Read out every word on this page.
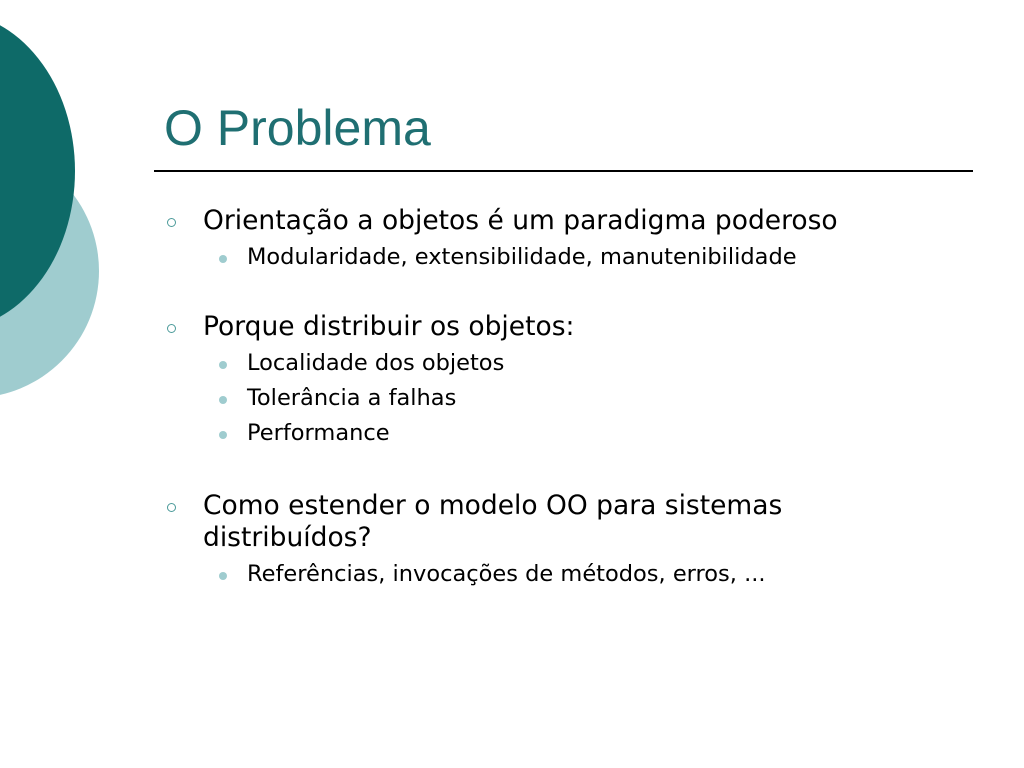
O Problema
Orientação a objetos é um paradigma poderoso
Modularidade, extensibilidade, manutenibilidade
Porque distribuir os objetos:
Localidade dos objetos
Tolerância a falhas
Performance
Como estender o modelo OO para sistemas distribuídos?
Referências, invocações de métodos, erros, ...
